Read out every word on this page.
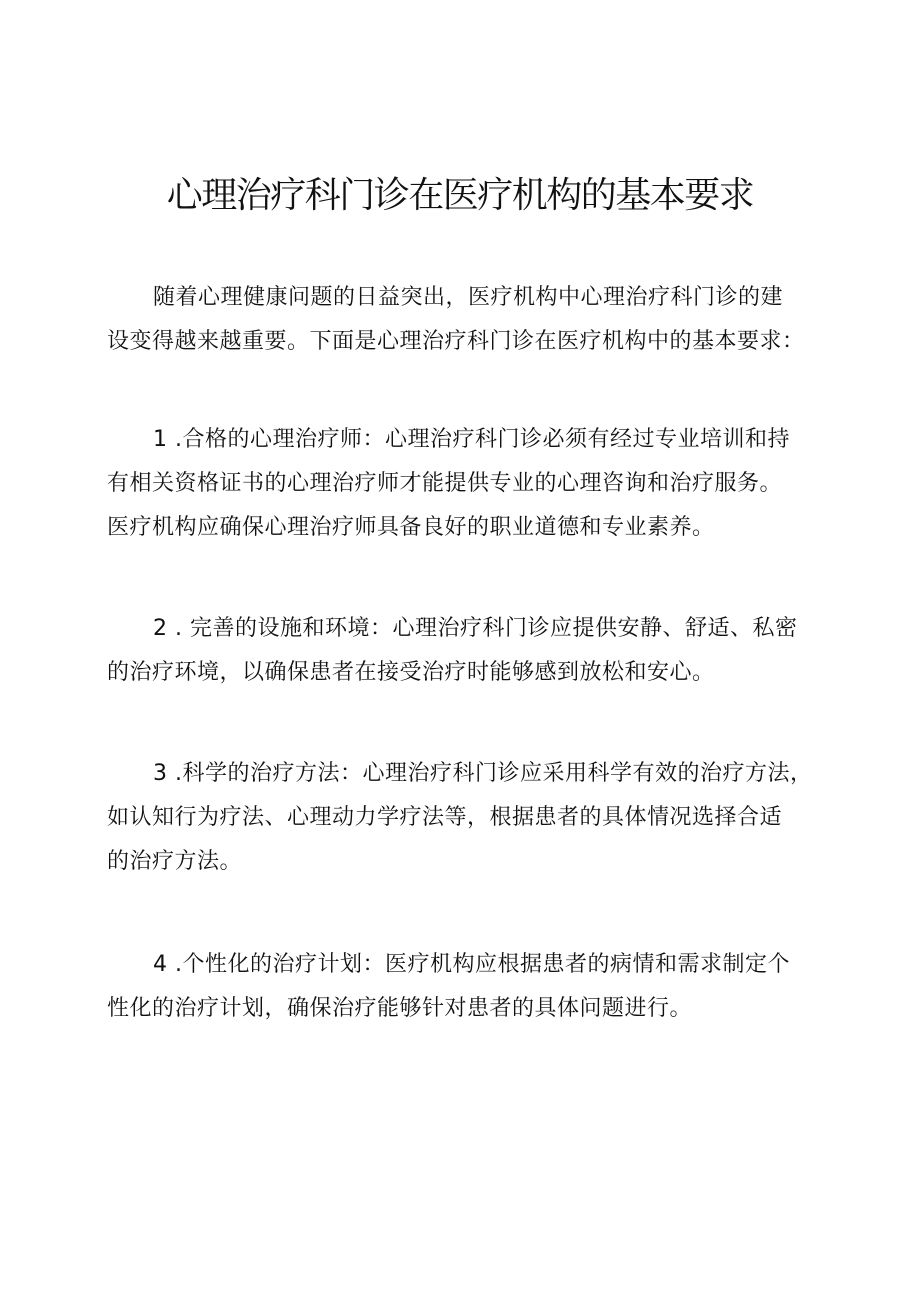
心理治疗科门诊在医疗机构的基本要求

随着心理健康问题的日益突出，医疗机构中心理治疗科门诊的建
设变得越来越重要。下面是心理治疗科门诊在医疗机构中的基本要求：

1 .合格的心理治疗师：心理治疗科门诊必须有经过专业培训和持
有相关资格证书的心理治疗师才能提供专业的心理咨询和治疗服务。
医疗机构应确保心理治疗师具备良好的职业道德和专业素养。

2 . 完善的设施和环境：心理治疗科门诊应提供安静、舒适、私密
的治疗环境，以确保患者在接受治疗时能够感到放松和安心。

3 .科学的治疗方法：心理治疗科门诊应采用科学有效的治疗方法，
如认知行为疗法、心理动力学疗法等，根据患者的具体情况选择合适
的治疗方法。

4 .个性化的治疗计划：医疗机构应根据患者的病情和需求制定个
性化的治疗计划，确保治疗能够针对患者的具体问题进行。
